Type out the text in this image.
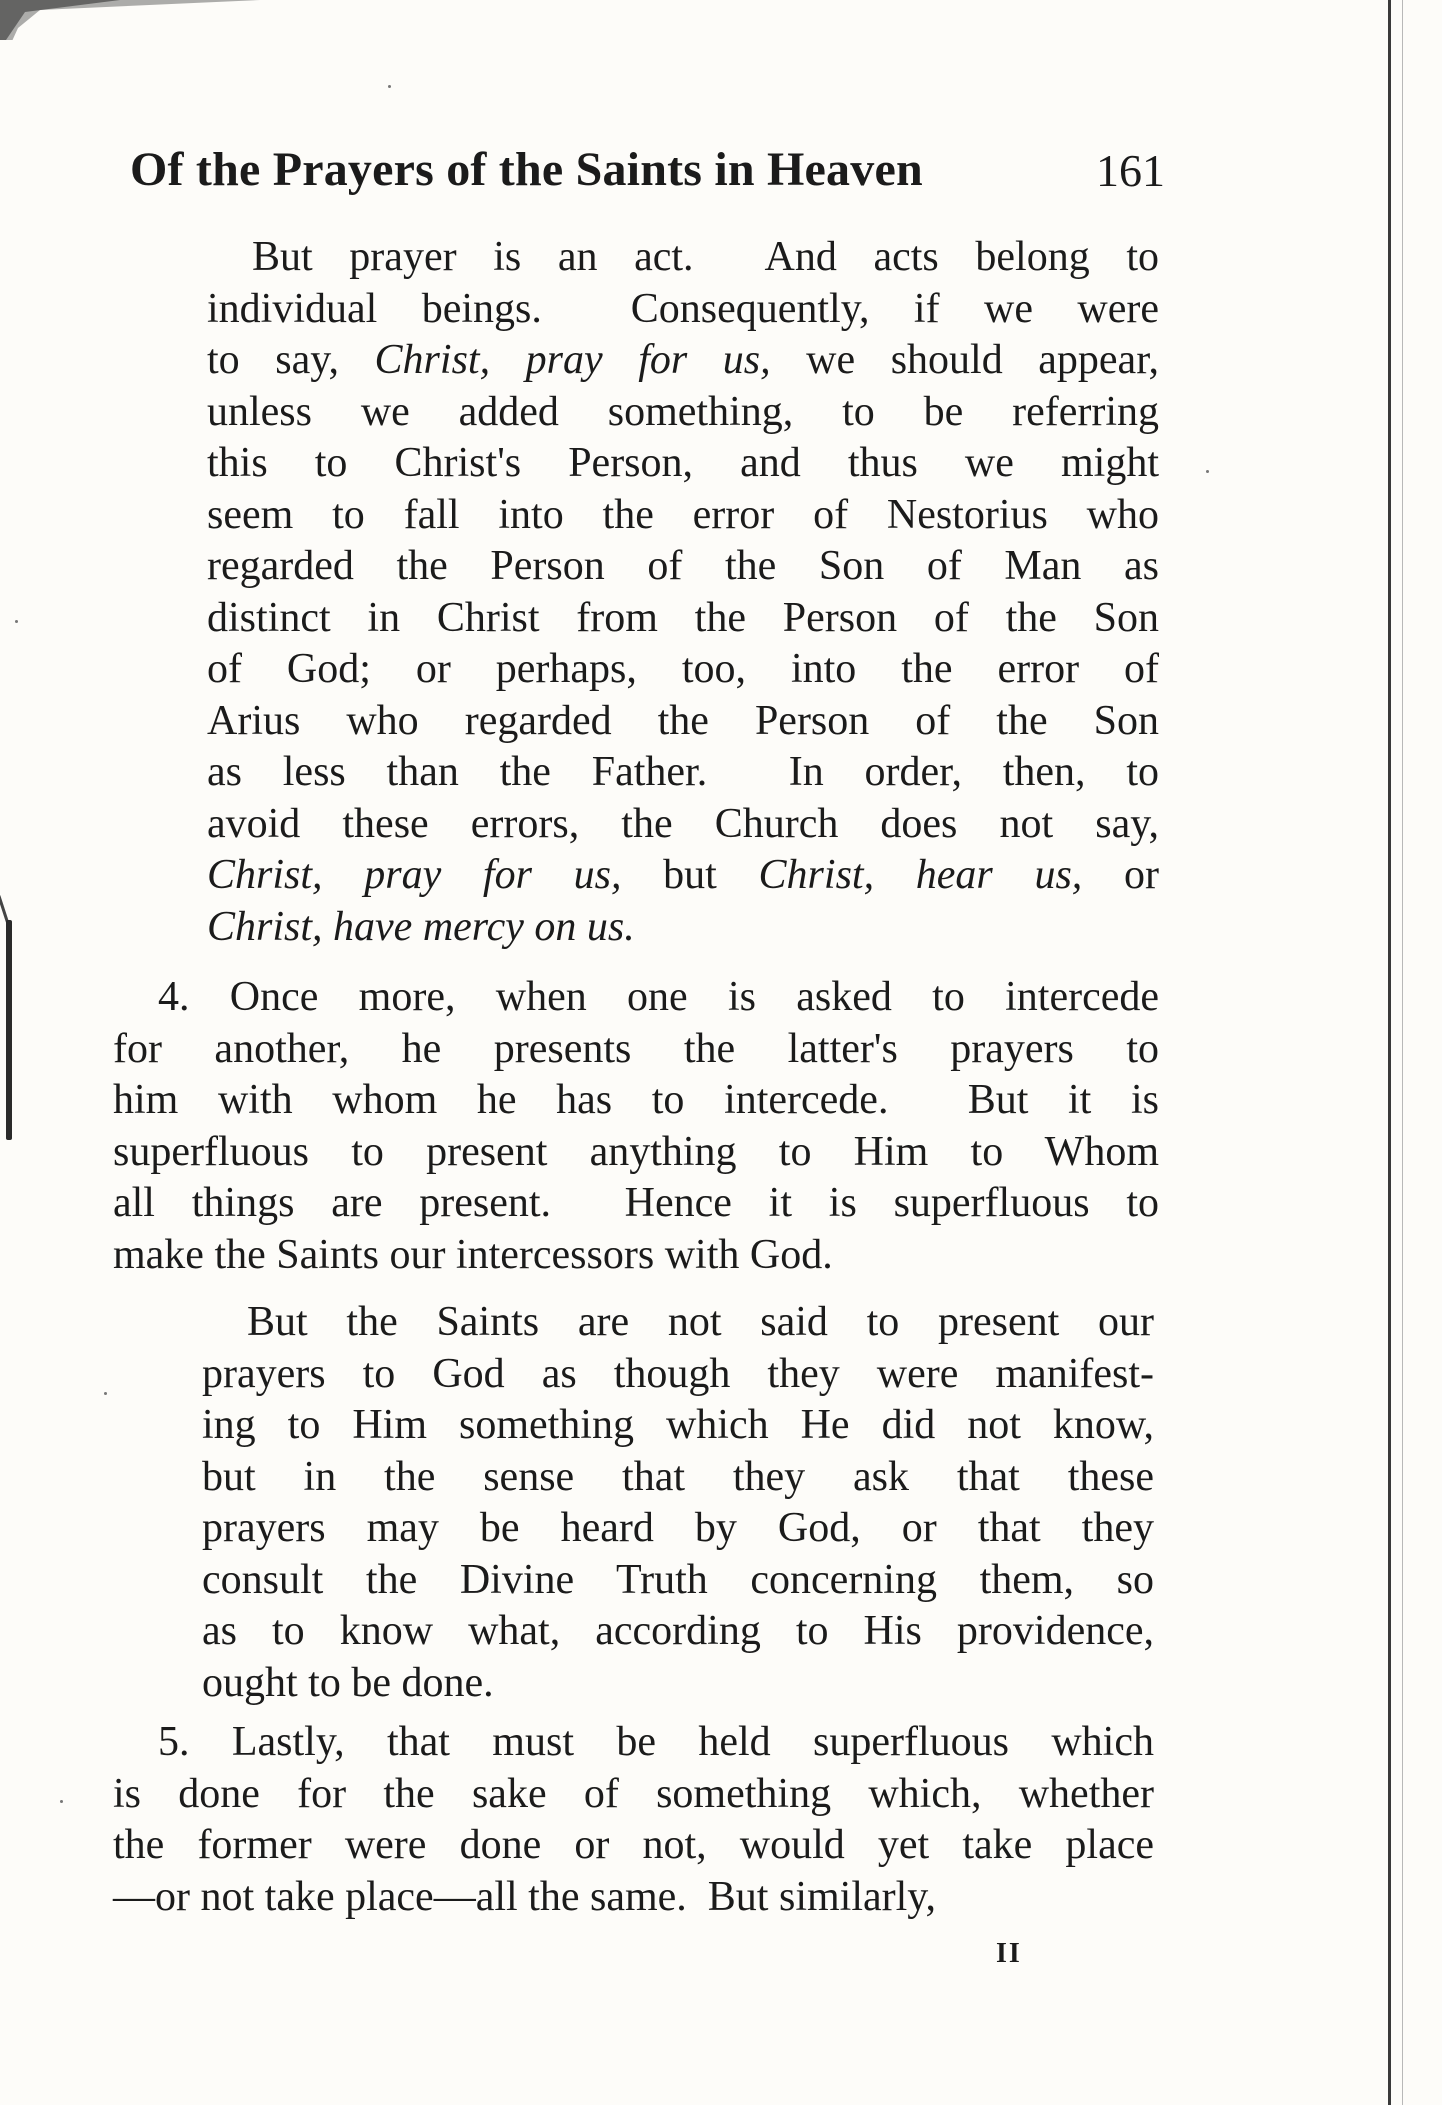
Of the Prayers of the Saints in Heaven	161
But prayer is an act.  And acts belong to
individual beings.  Consequently, if we were
to say, Christ, pray for us, we should appear,
unless we added something, to be referring
this to Christ's Person, and thus we might
seem to fall into the error of Nestorius who
regarded the Person of the Son of Man as
distinct in Christ from the Person of the Son
of God; or perhaps, too, into the error of
Arius who regarded the Person of the Son
as less than the Father.  In order, then, to
avoid these errors, the Church does not say,
Christ, pray for us, but Christ, hear us, or
Christ, have mercy on us.
4. Once more, when one is asked to intercede
for another, he presents the latter's prayers to
him with whom he has to intercede.  But it is
superfluous to present anything to Him to Whom
all things are present.  Hence it is superfluous to
make the Saints our intercessors with God.
But the Saints are not said to present our
prayers to God as though they were manifest-
ing to Him something which He did not know,
but in the sense that they ask that these
prayers may be heard by God, or that they
consult the Divine Truth concerning them, so
as to know what, according to His providence,
ought to be done.
5. Lastly, that must be held superfluous which
is done for the sake of something which, whether
the former were done or not, would yet take place
—or not take place—all the same.  But similarly,
II
